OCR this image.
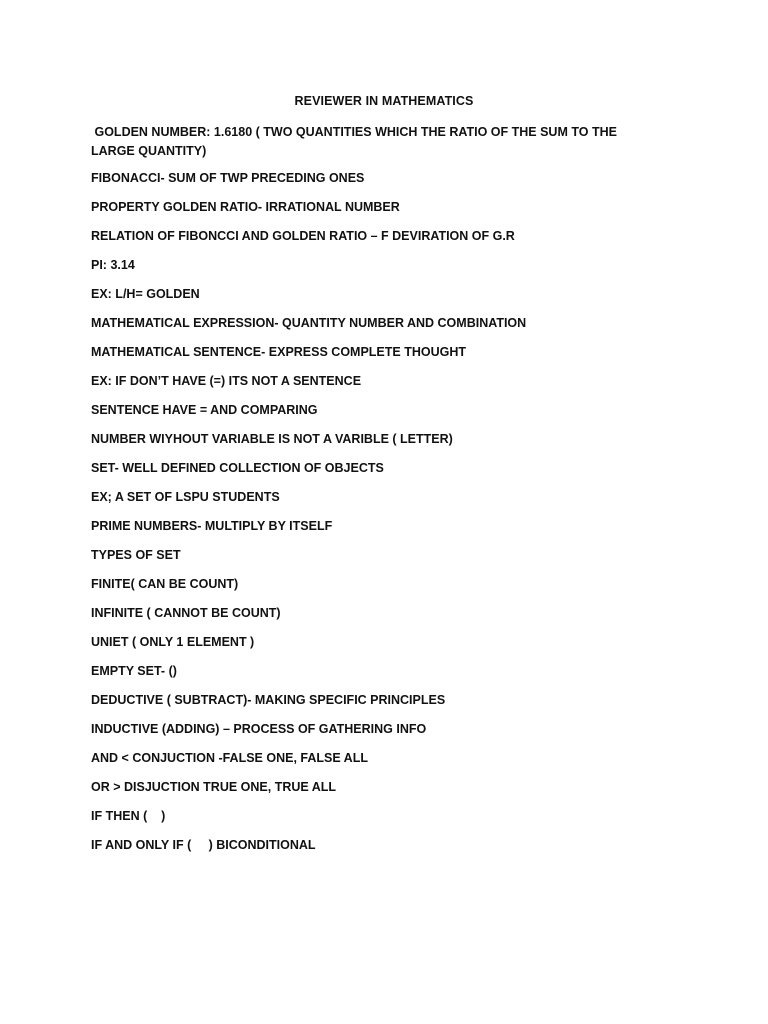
REVIEWER IN MATHEMATICS
GOLDEN NUMBER: 1.6180 ( TWO QUANTITIES WHICH THE RATIO OF THE SUM TO THE LARGE QUANTITY)
FIBONACCI- SUM OF TWP PRECEDING ONES
PROPERTY GOLDEN RATIO- IRRATIONAL NUMBER
RELATION OF FIBONCCI AND GOLDEN RATIO – F DEVIRATION OF G.R
PI: 3.14
EX: L/H= GOLDEN
MATHEMATICAL EXPRESSION- QUANTITY NUMBER AND COMBINATION
MATHEMATICAL SENTENCE- EXPRESS COMPLETE THOUGHT
EX: IF DON’T HAVE (=) ITS NOT A SENTENCE
SENTENCE HAVE = AND COMPARING
NUMBER WIYHOUT VARIABLE IS NOT A VARIBLE ( LETTER)
SET- WELL DEFINED COLLECTION OF OBJECTS
EX; A SET OF LSPU STUDENTS
PRIME NUMBERS- MULTIPLY BY ITSELF
TYPES OF SET
FINITE( CAN BE COUNT)
INFINITE ( CANNOT BE COUNT)
UNIET ( ONLY 1 ELEMENT )
EMPTY SET- ()
DEDUCTIVE ( SUBTRACT)- MAKING SPECIFIC PRINCIPLES
INDUCTIVE (ADDING) – PROCESS OF GATHERING INFO
AND < CONJUCTION -FALSE ONE, FALSE ALL
OR > DISJUCTION TRUE ONE, TRUE ALL
IF THEN (    )
IF AND ONLY IF (     ) BICONDITIONAL
